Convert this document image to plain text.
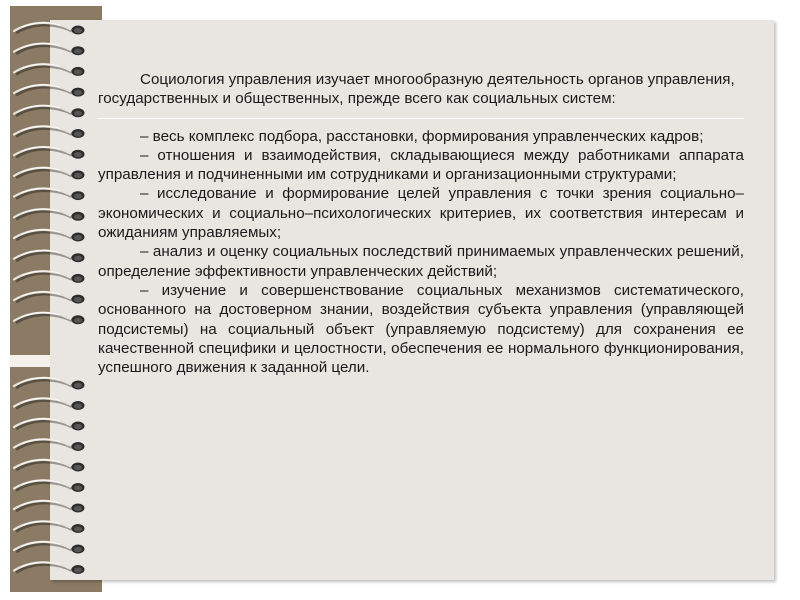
Социология управления изучает многообразную деятельность органов управления, государственных и общественных, прежде всего как социальных систем:

– весь комплекс подбора, расстановки, формирования управленческих кадров;

– отношения и взаимодействия, складывающиеся между работниками аппарата управления и подчиненными им сотрудниками и организационными структурами;

– исследование и формирование целей управления с точки зрения социально–экономических и социально–психологических критериев, их соответствия интересам и ожиданиям управляемых;

– анализ и оценку социальных последствий принимаемых управленческих решений, определение эффективности управленческих действий;

– изучение и совершенствование социальных механизмов систематического, основанного на достоверном знании, воздействия субъекта управления (управляющей подсистемы) на социальный объект (управляемую подсистему) для сохранения ее качественной специфики и целостности, обеспечения ее нормального функционирования, успешного движения к заданной цели.
